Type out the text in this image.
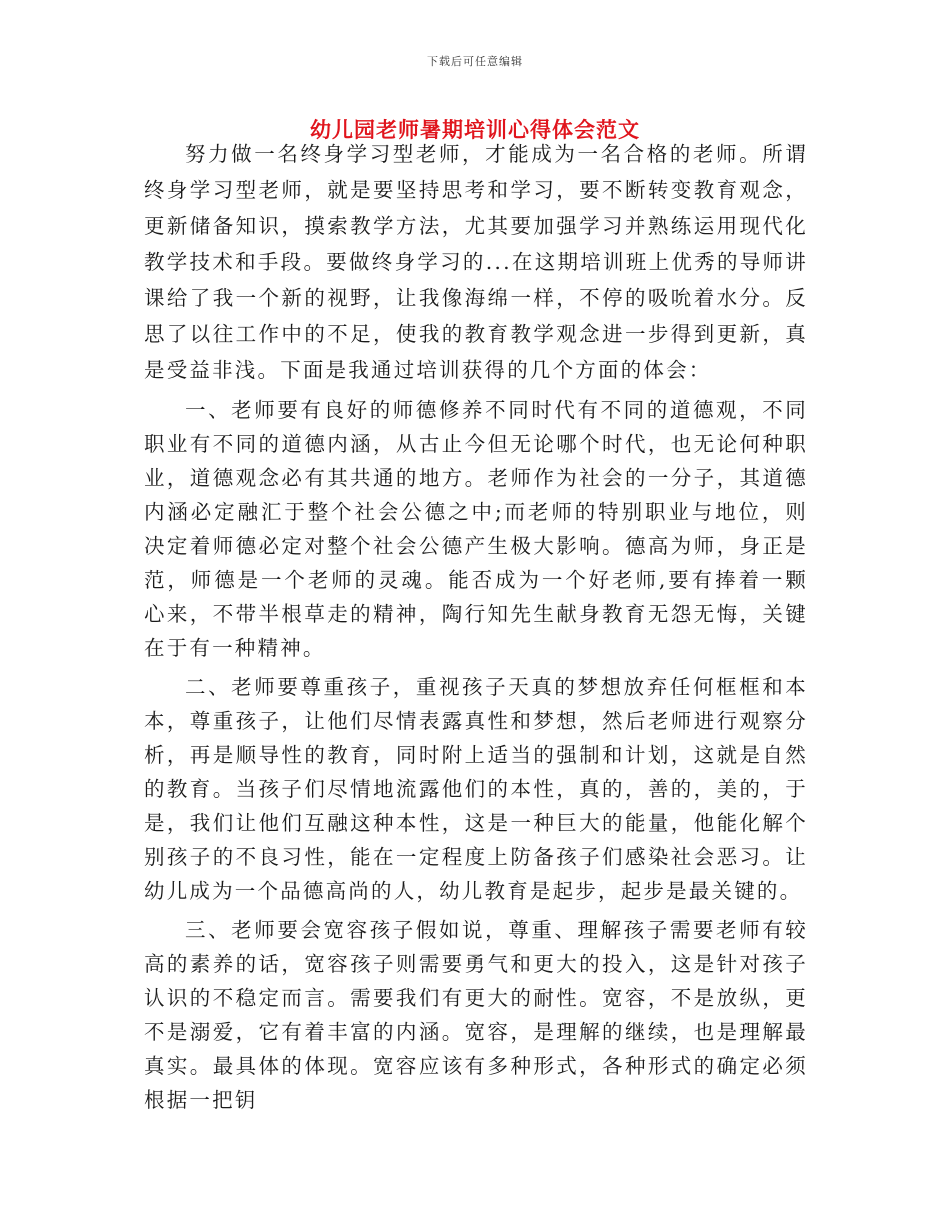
下载后可任意编辑
幼儿园老师暑期培训心得体会范文

努力做一名终身学习型老师，才能成为一名合格的老师。所谓终身学习型老师，就是要坚持思考和学习，要不断转变教育观念，更新储备知识，摸索教学方法，尤其要加强学习并熟练运用现代化教学技术和手段。要做终身学习的...在这期培训班上优秀的导师讲课给了我一个新的视野，让我像海绵一样，不停的吸吮着水分。反思了以往工作中的不足，使我的教育教学观念进一步得到更新，真是受益非浅。下面是我通过培训获得的几个方面的体会：

一、老师要有良好的师德修养不同时代有不同的道德观，不同职业有不同的道德内涵，从古止今但无论哪个时代，也无论何种职业，道德观念必有其共通的地方。老师作为社会的一分子，其道德内涵必定融汇于整个社会公德之中;而老师的特别职业与地位，则决定着师德必定对整个社会公德产生极大影响。德高为师，身正是范，师德是一个老师的灵魂。能否成为一个好老师,要有捧着一颗心来，不带半根草走的精神，陶行知先生献身教育无怨无悔，关键在于有一种精神。

二、老师要尊重孩子，重视孩子天真的梦想放弃任何框框和本本，尊重孩子，让他们尽情表露真性和梦想，然后老师进行观察分析，再是顺导性的教育，同时附上适当的强制和计划，这就是自然的教育。当孩子们尽情地流露他们的本性，真的，善的，美的，于是，我们让他们互融这种本性，这是一种巨大的能量，他能化解个别孩子的不良习性，能在一定程度上防备孩子们感染社会恶习。让幼儿成为一个品德高尚的人，幼儿教育是起步，起步是最关键的。

三、老师要会宽容孩子假如说，尊重、理解孩子需要老师有较高的素养的话，宽容孩子则需要勇气和更大的投入，这是针对孩子认识的不稳定而言。需要我们有更大的耐性。宽容，不是放纵，更不是溺爱，它有着丰富的内涵。宽容，是理解的继续，也是理解最真实。最具体的体现。宽容应该有多种形式，各种形式的确定必须根据一把钥
